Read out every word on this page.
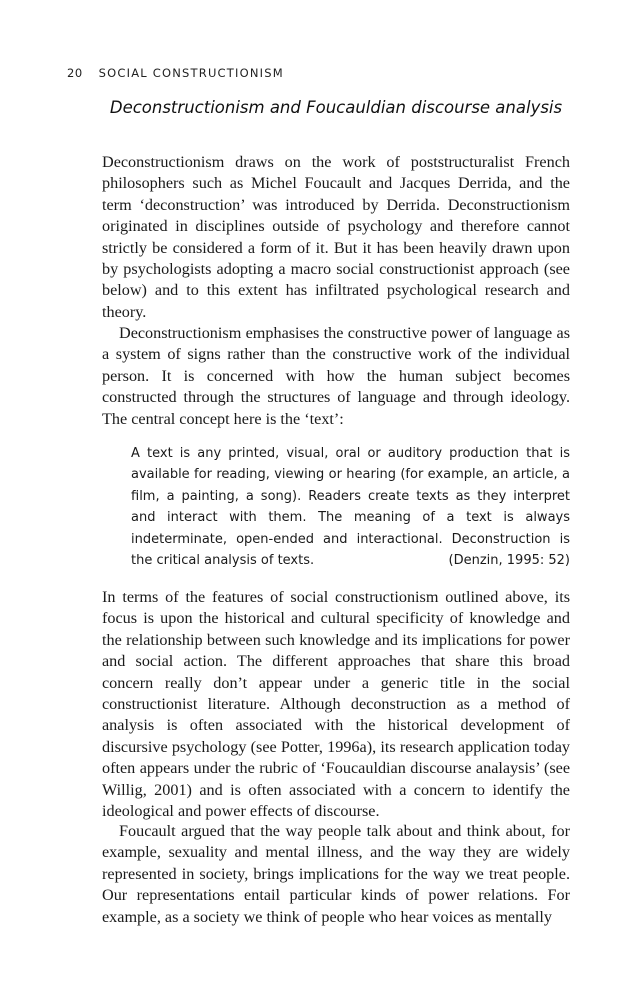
20 SOCIAL CONSTRUCTIONISM
Deconstructionism and Foucauldian discourse analysis

Deconstructionism draws on the work of poststructuralist French philosophers such as Michel Foucault and Jacques Derrida, and the term ‘deconstruction’ was introduced by Derrida. Deconstructionism originated in disciplines outside of psychology and therefore cannot strictly be considered a form of it. But it has been heavily drawn upon by psychologists adopting a macro social constructionist approach (see below) and to this extent has infiltrated psychological research and theory.

Deconstructionism emphasises the constructive power of language as a system of signs rather than the constructive work of the individual person. It is concerned with how the human subject becomes constructed through the structures of language and through ideology. The central concept here is the ‘text’:

A text is any printed, visual, oral or auditory production that is available for reading, viewing or hearing (for example, an article, a film, a painting, a song). Readers create texts as they interpret and interact with them. The meaning of a text is always indeterminate, open-ended and interactional. Deconstruction is the critical analysis of texts.	(Denzin, 1995: 52)

In terms of the features of social constructionism outlined above, its focus is upon the historical and cultural specificity of knowledge and the relationship between such knowledge and its implications for power and social action. The different approaches that share this broad concern really don’t appear under a generic title in the social constructionist literature. Although deconstruction as a method of analysis is often associated with the historical development of discursive psychology (see Potter, 1996a), its research application today often appears under the rubric of ‘Foucauldian discourse analaysis’ (see Willig, 2001) and is often associated with a concern to identify the ideological and power effects of discourse.

Foucault argued that the way people talk about and think about, for example, sexuality and mental illness, and the way they are widely represented in society, brings implications for the way we treat people. Our representations entail particular kinds of power relations. For example, as a society we think of people who hear voices as mentally
